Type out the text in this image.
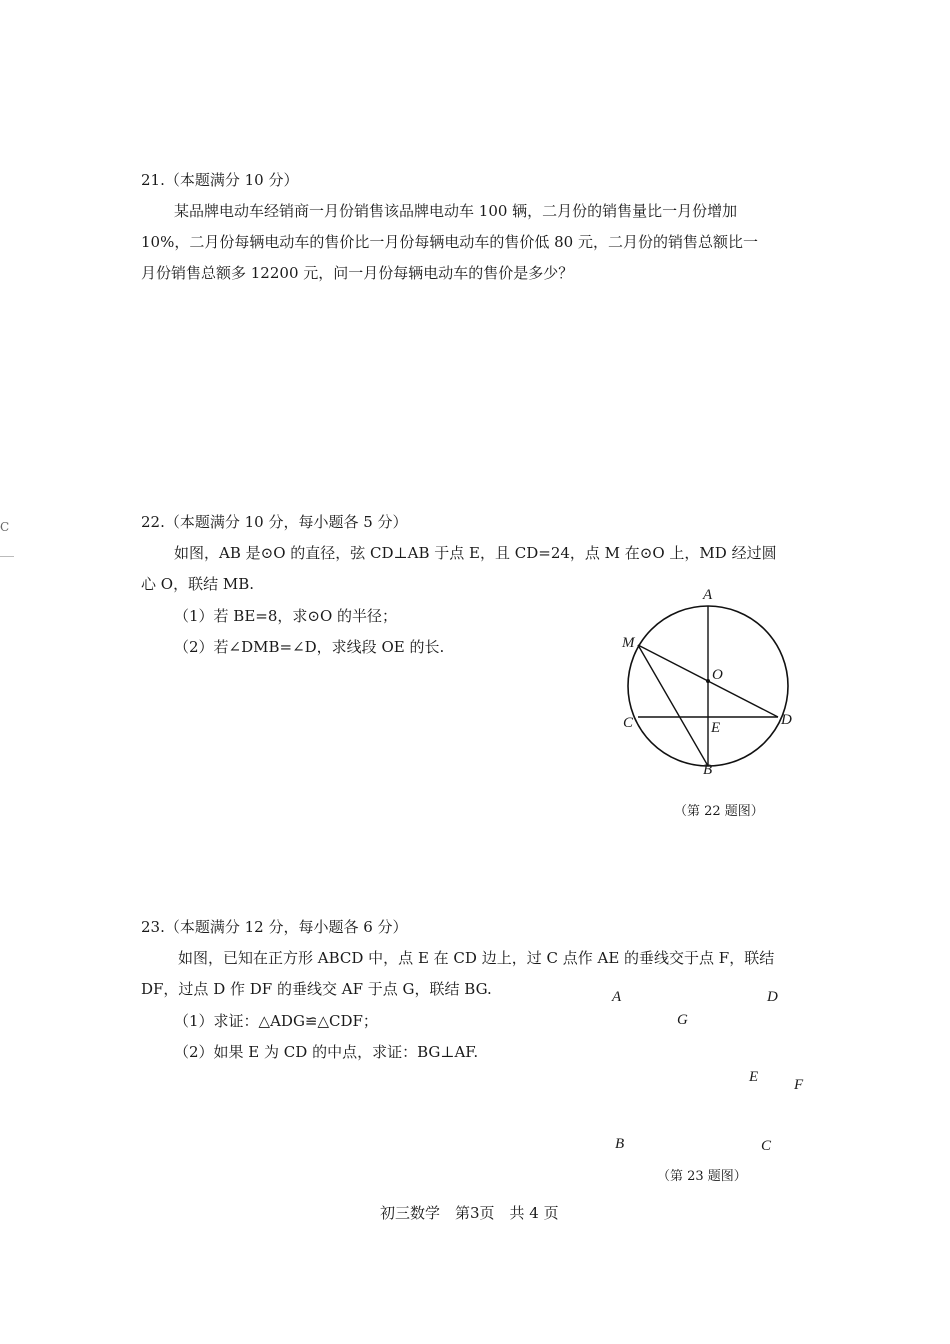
C
21.（本题满分 10 分）
某品牌电动车经销商一月份销售该品牌电动车 100 辆，二月份的销售量比一月份增加
10%，二月份每辆电动车的售价比一月份每辆电动车的售价低 80 元，二月份的销售总额比一
月份销售总额多 12200 元，问一月份每辆电动车的售价是多少？
22.（本题满分 10 分，每小题各 5 分）
如图，AB 是⊙O 的直径，弦 CD⊥AB 于点 E，且 CD=24，点 M 在⊙O 上，MD 经过圆
心 O，联结 MB.
（1）若 BE=8，求⊙O 的半径；
（2）若∠DMB=∠D，求线段 OE 的长.
A
M
O
C	E	D
B
（第 22 题图）
23.（本题满分 12 分，每小题各 6 分）
如图，已知在正方形 ABCD 中，点 E 在 CD 边上，过 C 点作 AE 的垂线交于点 F，联结
DF，过点 D 作 DF 的垂线交 AF 于点 G，联结 BG.
（1）求证：△ADG≌△CDF；
（2）如果 E 为 CD 的中点，求证：BG⊥AF.
A	D
G
E F
B	C
（第 23 题图）
初三数学　第3页　共 4 页
